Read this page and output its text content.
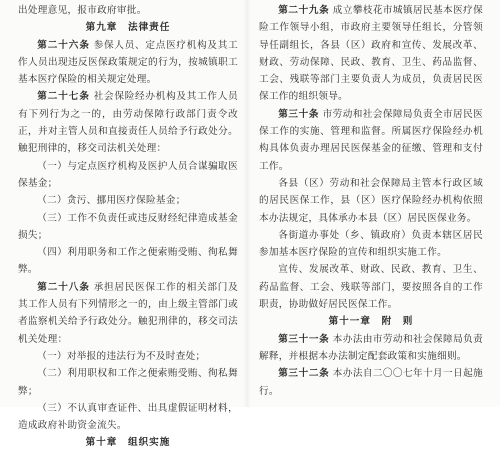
出处理意见，报市政府审批。

第九章　法律责任

第二十六条 参保人员、定点医疗机构及其工作人员出现违反医保政策规定的行为，按城镇职工基本医疗保险的相关规定处理。

第二十七条 社会保险经办机构及其工作人员有下列行为之一的，由劳动保障行政部门责令改正，并对主管人员和直接责任人员给予行政处分。触犯刑律的，移交司法机关处理：

（一）与定点医疗机构及医护人员合谋骗取医保基金；

（二）贪污、挪用医疗保险基金；

（三）工作不负责任或违反财经纪律造成基金损失；

（四）利用职务和工作之便索贿受贿、徇私舞弊。

第二十八条 承担居民医保工作的相关部门及其工作人员有下列情形之一的，由上级主管部门或者监察机关给予行政处分。触犯刑律的，移交司法机关处理：

（一）对举报的违法行为不及时查处；

（二）利用职权和工作之便索贿受贿、徇私舞弊；

（三）不认真审查证件、出具虚假证明材料，造成政府补助资金流失。

第十章　组织实施

第二十九条 成立攀枝花市城镇居民基本医疗保险工作领导小组，市政府主要领导任组长，分管领导任副组长，各县（区）政府和宣传、发展改革、财政、劳动保障、民政、教育、卫生、药品监督、工会、残联等部门主要负责人为成员，负责居民医保工作的组织领导。

第三十条 市劳动和社会保障局负责全市居民医保工作的实施、管理和监督。所属医疗保险经办机构具体负责办理居民医保基金的征缴、管理和支付工作。

各县（区）劳动和社会保障局主管本行政区域的居民医保工作，县（区）医疗保险经办机构依照本办法规定，具体承办本县（区）居民医保业务。

各街道办事处（乡、镇政府）负责本辖区居民参加基本医疗保险的宣传和组织实施工作。

宣传、发展改革、财政、民政、教育、卫生、药品监督、工会、残联等部门，要按照各自的工作职责，协助做好居民医保工作。

第十一章　附　则

第三十一条 本办法由市劳动和社会保障局负责解释，并根据本办法制定配套政策和实施细则。

第三十二条 本办法自二〇〇七年十月一日起施行。
